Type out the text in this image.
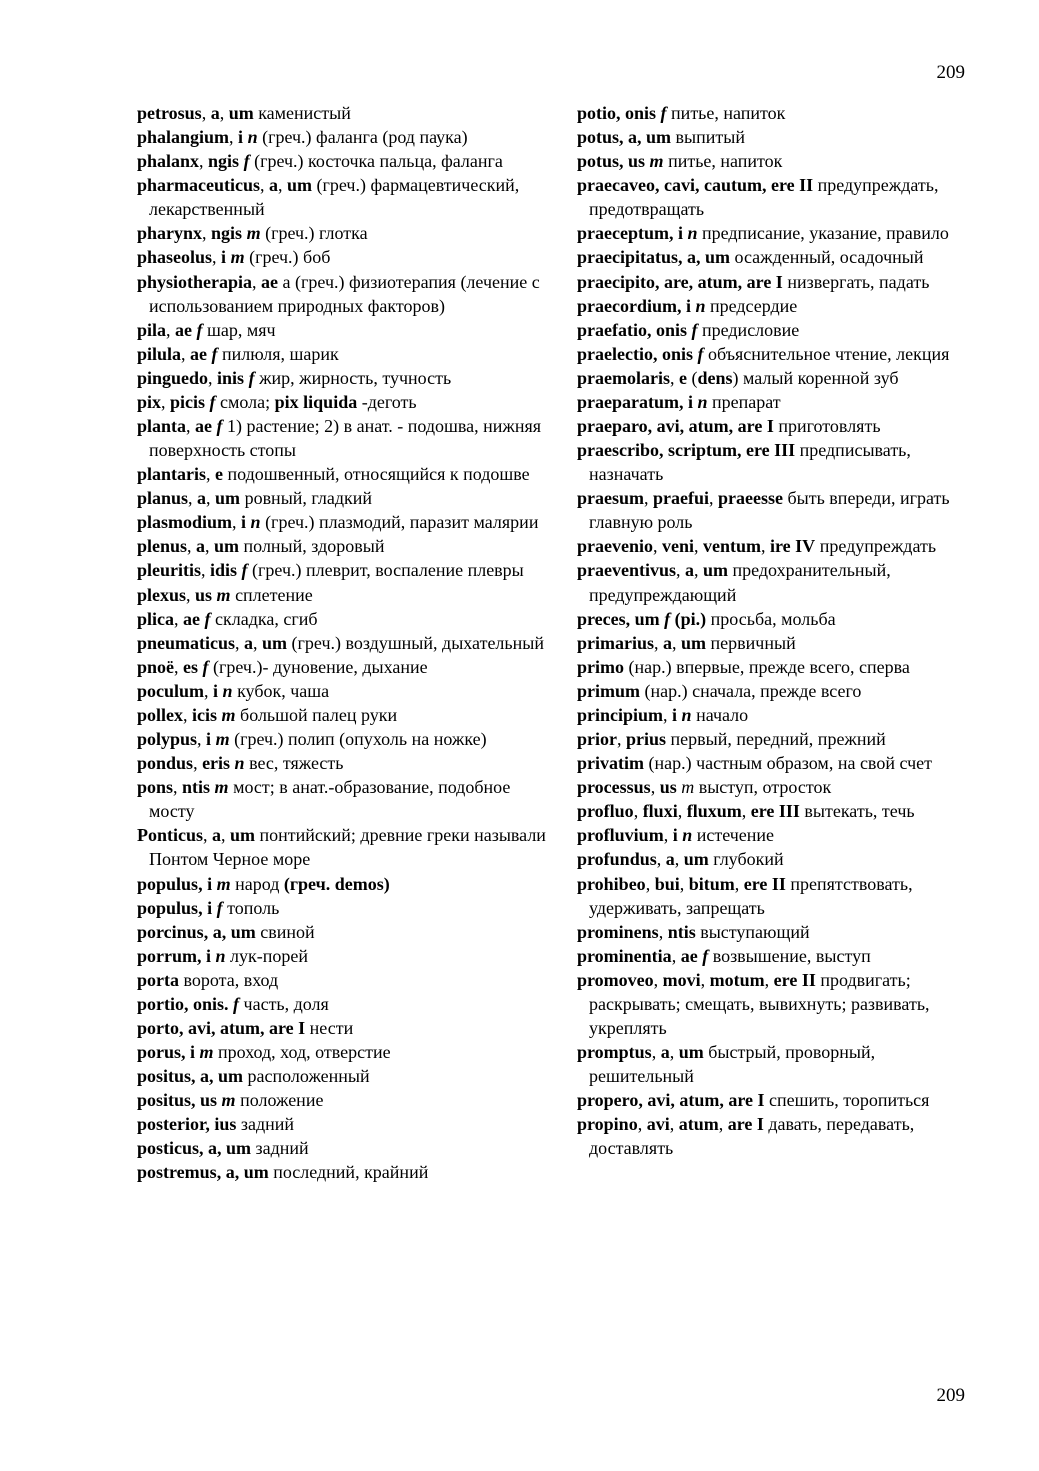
209

petrosus, a, um каменистый

phalangium, i n (греч.) фаланга (род паука)

phalanx, ngis f (греч.) косточка пальца, фаланга

pharmaceuticus, a, um (греч.) фармацевтический, лекарственный

pharynx, ngis m (греч.) глотка

phaseolus, i m (греч.) боб

physiotherapia, ae а (греч.) физиотерапия (лечение с использованием природных факторов)

pila, ae f шар, мяч

pilula, ae f пилюля, шарик

pinguedo, inis f жир, жирность, тучность

pix, picis f смола; pix liquida -деготь

planta, ae f 1) растение; 2) в анат. - подошва, нижняя поверхность стопы

plantaris, e подошвенный, относящийся к подошве

planus, a, um ровный, гладкий

plasmodium, i n (греч.) плазмодий, паразит малярии

plenus, a, um полный, здоровый

pleuritis, idis f (греч.) плеврит, воспаление плевры

plexus, us m сплетение

plica, ae f складка, сгиб

pneumaticus, a, um (греч.) воздушный, дыхательный

pnoë, es f (греч.)- дуновение, дыхание

poculum, i n кубок, чаша

pollex, icis m большой палец руки

polypus, i m (греч.) полип (опухоль на ножке)

pondus, eris n вес, тяжесть

pons, ntis m мост; в анат.-образование, подобное мосту

Ponticus, a, um понтийский; древние греки называли Понтом Черное море

populus, i m народ (греч. demos)

populus, i f тополь

porcinus, a, um свиной

porrum, i n лук-порей

porta ворота, вход

portio, onis. f часть, доля

porto, avi, atum, are I нести

porus, i m проход, ход, отверстие

positus, a, um расположенный

positus, us m положение

posterior, ius задний

posticus, a, um задний

postremus, a, um последний, крайний

potio, onis f питье, напиток

potus, a, um выпитый

potus, us m питье, напиток

praecaveo, cavi, cautum, ere II предупреждать, предотвращать

praeceptum, i n предписание, указание, правило

praecipitatus, a, um осажденный, осадочный

praecipito, are, atum, are I низвергать, падать

praecordium, i n предсердие

praefatio, onis f предисловие

praelectio, onis f объяснительное чтение, лекция

praemolaris, e (dens) малый коренной зуб

praeparatum, i n препарат

praeparo, avi, atum, are I приготовлять

praescribo, scriptum, ere III предписывать, назначать

praesum, praefui, praeesse быть впереди, играть главную роль

praevenio, veni, ventum, ire IV предупреждать

praeventivus, a, um предохранительный, предупреждающий

preces, um f (pi.) просьба, мольба

primarius, a, um первичный

primo (нар.) впервые, прежде всего, сперва

primum (нар.) сначала, прежде всего

principium, i n начало

prior, prius первый, передний, прежний

privatim (нар.) частным образом, на свой счет

processus, us m выступ, отросток

profluo, fluxi, fluxum, ere III вытекать, течь

profluvium, i n истечение

profundus, a, um глубокий

prohibeo, bui, bitum, ere II препятствовать, удерживать, запрещать

prominens, ntis выступающий

prominentia, ae f возвышение, выступ

promoveo, movi, motum, ere II продвигать; раскрывать; смещать, вывихнуть; развивать, укреплять

promptus, a, um быстрый, проворный, решительный

propero, avi, atum, are I спешить, торопиться

propino, avi, atum, are I давать, передавать, доставлять

209
